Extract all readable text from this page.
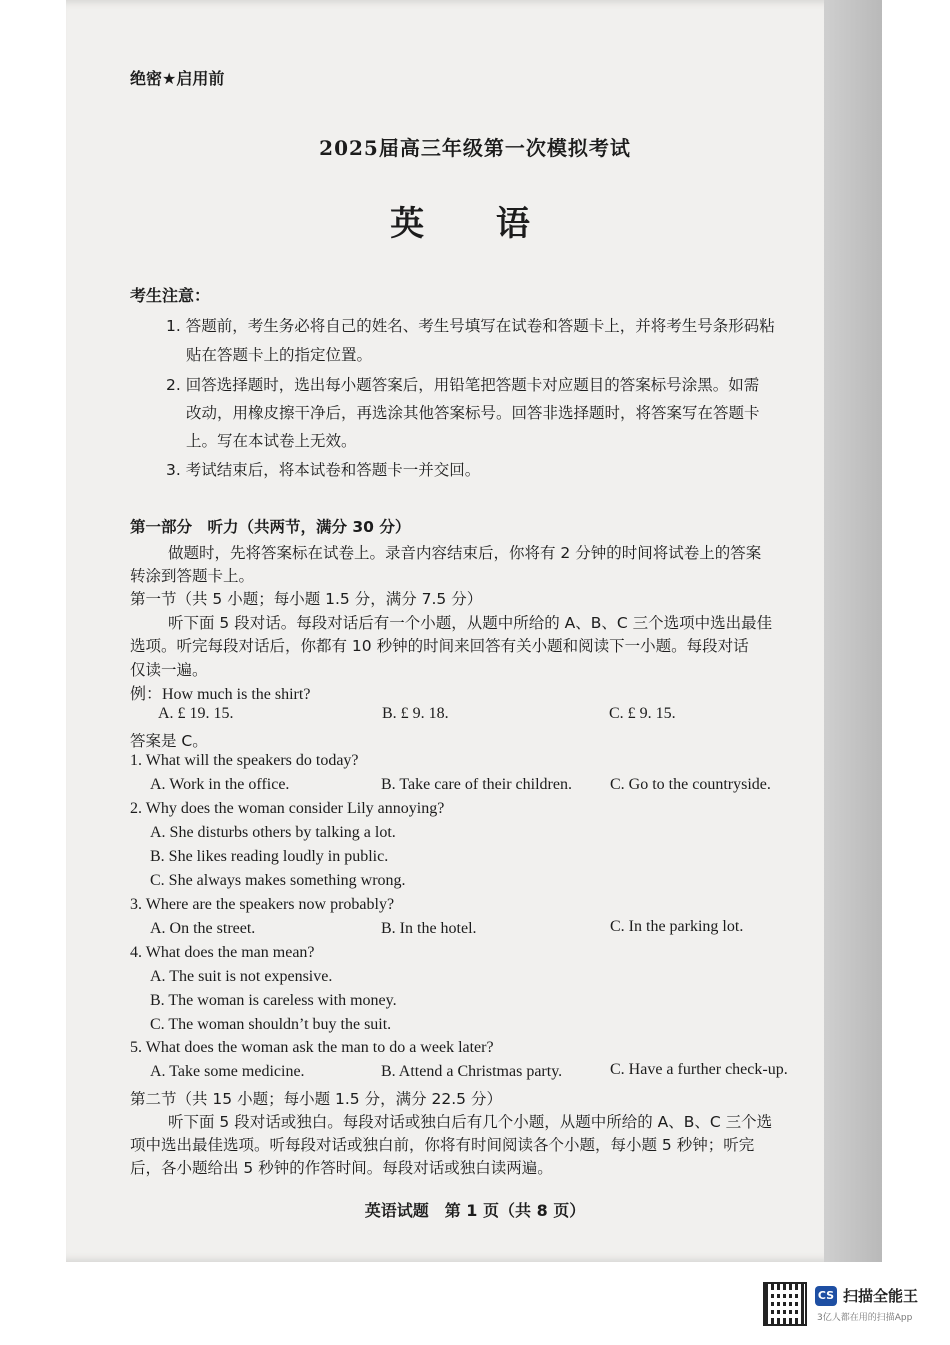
绝密★启用前
2025届高三年级第一次模拟考试
英 语
考生注意：
1. 答题前，考生务必将自己的姓名、考生号填写在试卷和答题卡上，并将考生号条形码粘
贴在答题卡上的指定位置。
2. 回答选择题时，选出每小题答案后，用铅笔把答题卡对应题目的答案标号涂黑。如需
改动，用橡皮擦干净后，再选涂其他答案标号。回答非选择题时，将答案写在答题卡
上。写在本试卷上无效。
3. 考试结束后，将本试卷和答题卡一并交回。
第一部分　听力（共两节，满分 30 分）
做题时，先将答案标在试卷上。录音内容结束后，你将有 2 分钟的时间将试卷上的答案
转涂到答题卡上。
第一节（共 5 小题；每小题 1.5 分，满分 7.5 分）
听下面 5 段对话。每段对话后有一个小题，从题中所给的 A、B、C 三个选项中选出最佳
选项。听完每段对话后，你都有 10 秒钟的时间来回答有关小题和阅读下一小题。每段对话
仅读一遍。
例：How much is the shirt?
A. £ 19. 15.	B. £ 9. 18.	C. £ 9. 15.
答案是 C。
1. What will the speakers do today?
A. Work in the office.	B. Take care of their children. C. Go to the countryside.
2. Why does the woman consider Lily annoying?
A. She disturbs others by talking a lot.
B. She likes reading loudly in public.
C. She always makes something wrong.
3. Where are the speakers now probably?
A. On the street.	B. In the hotel.	C. In the parking lot.
4. What does the man mean?
A. The suit is not expensive.
B. The woman is careless with money.
C. The woman shouldn’t buy the suit.
5. What does the woman ask the man to do a week later?
A. Take some medicine.	B. Attend a Christmas party.	C. Have a further check-up.
第二节（共 15 小题；每小题 1.5 分，满分 22.5 分）
听下面 5 段对话或独白。每段对话或独白后有几个小题，从题中所给的 A、B、C 三个选
项中选出最佳选项。听每段对话或独白前，你将有时间阅读各个小题，每小题 5 秒钟；听完
后，各小题给出 5 秒钟的作答时间。每段对话或独白读两遍。
英语试题　第 1 页（共 8 页）
CS 扫描全能王
3亿人都在用的扫描App
